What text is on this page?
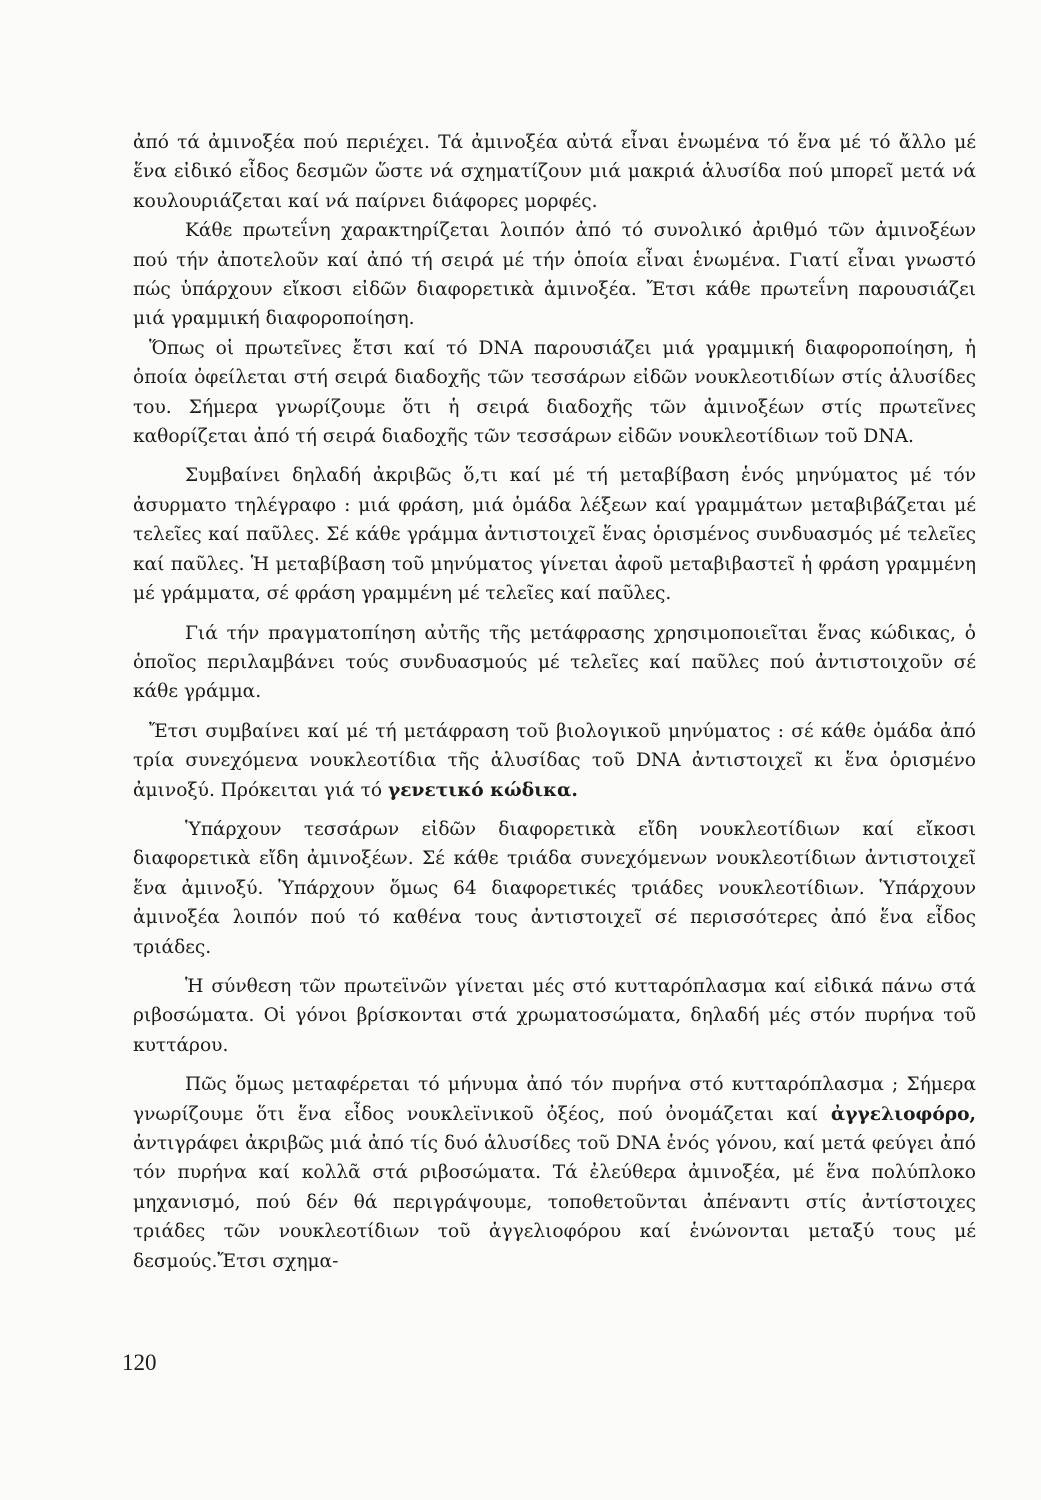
ἀπό τά ἀμινοξέα πού περιέχει. Τά ἀμινοξέα αὐτά εἶναι ἑνωμένα τό ἕνα μέ τό ἄλλο μέ ἕνα εἰδικό εἶδος δεσμῶν ὥστε νά σχηματίζουν μιά μακριά ἁλυσίδα πού μπορεῖ μετά νά κουλουριάζεται καί νά παίρνει διάφορες μορφές.

Κάθε πρωτεΐνη χαρακτηρίζεται λοιπόν ἀπό τό συνολικό ἀριθμό τῶν ἀμινοξέων πού τήν ἀποτελοῦν καί ἀπό τή σειρά μέ τήν ὁποία εἶναι ἑνωμένα. Γιατί εἶναι γνωστό πώς ὑπάρχουν εἴκοσι εἰδῶν διαφορετικὰ ἀμινοξέα. Ἔτσι κάθε πρωτεΐνη παρουσιάζει μιά γραμμική διαφοροποίηση.

Ὅπως οἱ πρωτεῖνες ἔτσι καί τό DNA παρουσιάζει μιά γραμμική διαφοροποίηση, ἡ ὁποία ὀφείλεται στή σειρά διαδοχῆς τῶν τεσσάρων εἰδῶν νουκλεοτιδίων στίς ἁλυσίδες του. Σήμερα γνωρίζουμε ὅτι ἡ σειρά διαδοχῆς τῶν ἀμινοξέων στίς πρωτεῖνες καθορίζεται ἀπό τή σειρά διαδοχῆς τῶν τεσσάρων εἰδῶν νουκλεοτίδιων τοῦ DNA.

Συμβαίνει δηλαδή ἀκριβῶς ὅ,τι καί μέ τή μεταβίβαση ἑνός μηνύματος μέ τόν ἀσυρματο τηλέγραφο : μιά φράση, μιά ὁμάδα λέξεων καί γραμμάτων μεταβιβάζεται μέ τελεῖες καί παῦλες. Σέ κάθε γράμμα ἀντιστοιχεῖ ἕνας ὁρισμένος συνδυασμός μέ τελεῖες καί παῦλες. Ἡ μεταβίβαση τοῦ μηνύματος γίνεται ἀφοῦ μεταβιβαστεῖ ἡ φράση γραμμένη μέ γράμματα, σέ φράση γραμμένη μέ τελεῖες καί παῦλες.

Γιά τήν πραγματοπίηση αὐτῆς τῆς μετάφρασης χρησιμοποιεῖται ἕνας κώδικας, ὁ ὁποῖος περιλαμβάνει τούς συνδυασμούς μέ τελεῖες καί παῦλες πού ἀντιστοιχοῦν σέ κάθε γράμμα.

Ἔτσι συμβαίνει καί μέ τή μετάφραση τοῦ βιολογικοῦ μηνύματος : σέ κάθε ὁμάδα ἀπό τρία συνεχόμενα νουκλεοτίδια τῆς ἁλυσίδας τοῦ DNA ἀντιστοιχεῖ κι ἕνα ὁρισμένο ἀμινοξύ. Πρόκειται γιά τό γενετικό κώδικα.

Ὑπάρχουν τεσσάρων εἰδῶν διαφορετικὰ εἴδη νουκλεοτίδιων καί εἴκοσι διαφορετικὰ εἴδη ἀμινοξέων. Σέ κάθε τριάδα συνεχόμενων νουκλεοτίδιων ἀντιστοιχεῖ ἕνα ἀμινοξύ. Ὑπάρχουν ὅμως 64 διαφορετικές τριάδες νουκλεοτίδιων. Ὑπάρχουν ἀμινοξέα λοιπόν πού τό καθένα τους ἀντιστοιχεῖ σέ περισσότερες ἀπό ἕνα εἶδος τριάδες.

Ἡ σύνθεση τῶν πρωτεϊνῶν γίνεται μές στό κυτταρόπλασμα καί εἰδικά πάνω στά ριβοσώματα. Οἱ γόνοι βρίσκονται στά χρωματοσώματα, δηλαδή μές στόν πυρήνα τοῦ κυττάρου.

Πῶς ὅμως μεταφέρεται τό μήνυμα ἀπό τόν πυρήνα στό κυτταρόπλασμα ; Σήμερα γνωρίζουμε ὅτι ἕνα εἶδος νουκλεϊνικοῦ ὀξέος, πού ὀνομάζεται καί ἀγγελιοφόρο, ἀντιγράφει ἀκριβῶς μιά ἀπό τίς δυό ἁλυσίδες τοῦ DNA ἑνός γόνου, καί μετά φεύγει ἀπό τόν πυρήνα καί κολλᾶ στά ριβοσώματα. Τά ἐλεύθερα ἀμινοξέα, μέ ἕνα πολύπλοκο μηχανισμό, πού δέν θά περιγράψουμε, τοποθετοῦνται ἀπέναντι στίς ἀντίστοιχες τριάδες τῶν νουκλεοτίδιων τοῦ ἀγγελιοφόρου καί ἑνώνονται μεταξύ τους μέ δεσμούς.Ἔτσι σχημα-

120
